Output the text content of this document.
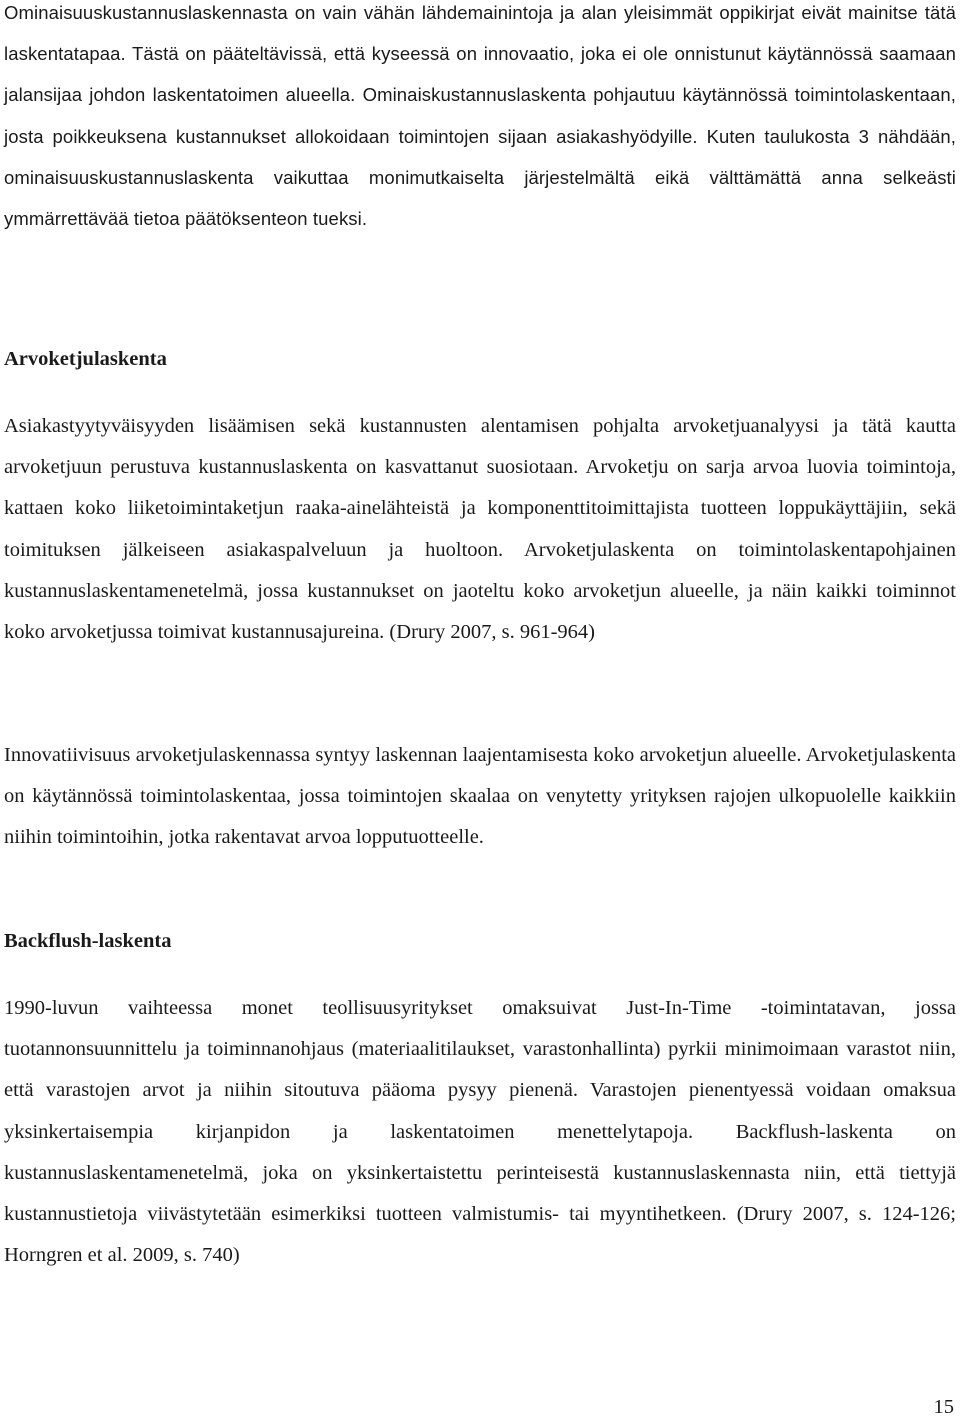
Ominaisuuskustannuslaskennasta on vain vähän lähdemainintoja ja alan yleisimmät oppikirjat eivät mainitse tätä laskentatapaa. Tästä on pääteltävissä, että kyseessä on innovaatio, joka ei ole onnistunut käytännössä saamaan jalansijaa johdon laskentatoimen alueella. Ominaiskustannuslaskenta pohjautuu käytännössä toimintolaskentaan, josta poikkeuksena kustannukset allokoidaan toimintojen sijaan asiakashyödyille. Kuten taulukosta 3 nähdään, ominaisuuskustannuslaskenta vaikuttaa monimutkaiselta järjestelmältä eikä välttämättä anna selkeästi ymmärrettävää tietoa päätöksenteon tueksi.

Arvoketjulaskenta

Asiakastyytyväisyyden lisäämisen sekä kustannusten alentamisen pohjalta arvoketjuanalyysi ja tätä kautta arvoketjuun perustuva kustannuslaskenta on kasvattanut suosiotaan. Arvoketju on sarja arvoa luovia toimintoja, kattaen koko liiketoimintaketjun raaka-ainelähteistä ja komponenttitoimittajista tuotteen loppukäyttäjiin, sekä toimituksen jälkeiseen asiakaspalveluun ja huoltoon. Arvoketjulaskenta on toimintolaskentapohjainen kustannuslaskentamenetelmä, jossa kustannukset on jaoteltu koko arvoketjun alueelle, ja näin kaikki toiminnot koko arvoketjussa toimivat kustannusajureina. (Drury 2007, s. 961-964)

Innovatiivisuus arvoketjulaskennassa syntyy laskennan laajentamisesta koko arvoketjun alueelle. Arvoketjulaskenta on käytännössä toimintolaskentaa, jossa toimintojen skaalaa on venytetty yrityksen rajojen ulkopuolelle kaikkiin niihin toimintoihin, jotka rakentavat arvoa lopputuotteelle.

Backflush-laskenta

1990-luvun vaihteessa monet teollisuusyritykset omaksuivat Just-In-Time -toimintatavan, jossa tuotannonsuunnittelu ja toiminnanohjaus (materiaalitilaukset, varastonhallinta) pyrkii minimoimaan varastot niin, että varastojen arvot ja niihin sitoutuva pääoma pysyy pienenä. Varastojen pienentyessä voidaan omaksua yksinkertaisempia kirjanpidon ja laskentatoimen menettelytapoja. Backflush-laskenta on kustannuslaskentamenetelmä, joka on yksinkertaistettu perinteisestä kustannuslaskennasta niin, että tiettyjä kustannustietoja viivästytetään esimerkiksi tuotteen valmistumis- tai myyntihetkeen. (Drury 2007, s. 124-126; Horngren et al. 2009, s. 740)

15
